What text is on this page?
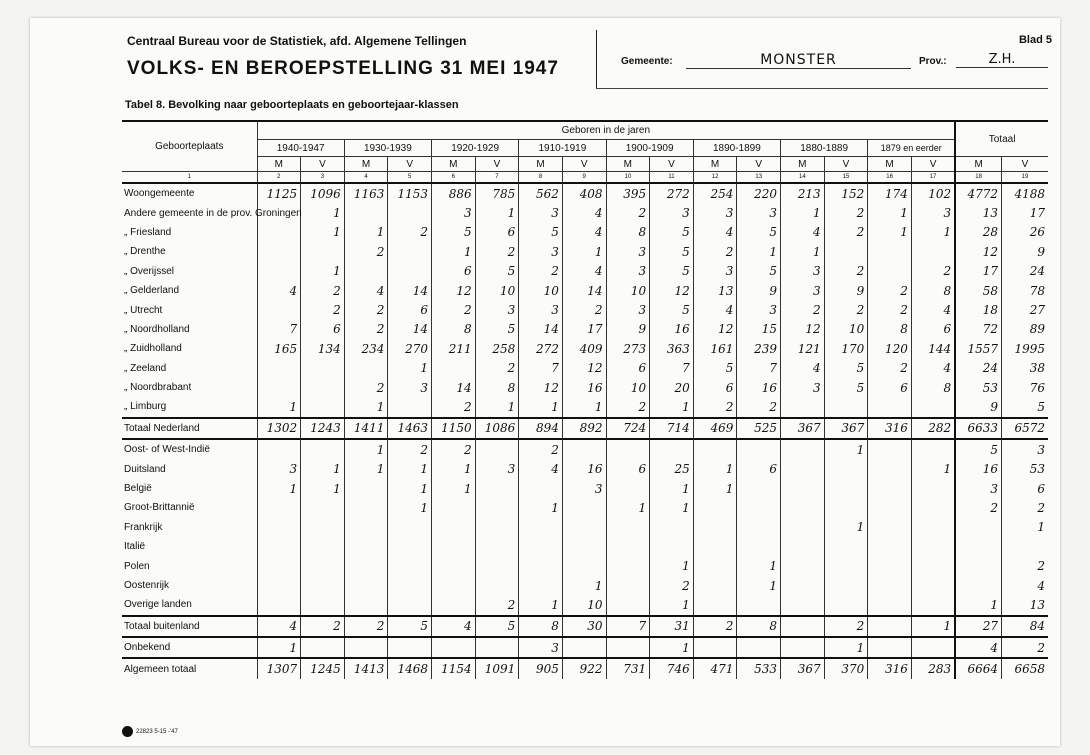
Centraal Bureau voor de Statistiek, afd. Algemene Tellingen
VOLKS- EN BEROEPSTELLING 31 MEI 1947
Blad 5
Gemeente:	MONSTER	Prov.:	Z.H.
Tabel 8. Bevolking naar geboorteplaats en geboortejaar-klassen
Geboorteplaats	Geboren in de jaren																Totaal	
	1940-1947		1930-1939		1920-1929		1910-1919		1900-1909		1890-1899		1880-1889		1879 en eerder			
	M	V	M	V	M	V	M	V	M	V	M	V	M	V	M	V	M	V
1	2	3	4	5	6	7	8	9	10	11	12	13	14	15	16	17	18	19
Woongemeente	1125	1096	1163	1153	886	785	562	408	395	272	254	220	213	152	174	102	4772	4188
Andere gemeente in de prov. Groningen		1			3	1	3	4	2	3	3	3	1	2	1	3	13	17
„ Friesland		1	1	2	5	6	5	4	8	5	4	5	4	2	1	1	28	26
„ Drenthe			2		1	2	3	1	3	5	2	1	1				12	9
„ Overijssel		1			6	5	2	4	3	5	3	5	3	2		2	17	24
„ Gelderland	4	2	4	14	12	10	10	14	10	12	13	9	3	9	2	8	58	78
„ Utrecht		2	2	6	2	3	3	2	3	5	4	3	2	2	2	4	18	27
„ Noordholland	7	6	2	14	8	5	14	17	9	16	12	15	12	10	8	6	72	89
„ Zuidholland	165	134	234	270	211	258	272	409	273	363	161	239	121	170	120	144	1557	1995
„ Zeeland				1		2	7	12	6	7	5	7	4	5	2	4	24	38
„ Noordbrabant			2	3	14	8	12	16	10	20	6	16	3	5	6	8	53	76
„ Limburg	1		1		2	1	1	1	2	1	2	2					9	5
Totaal Nederland	1302	1243	1411	1463	1150	1086	894	892	724	714	469	525	367	367	316	282	6633	6572
Oost- of West-Indië			1	2	2		2							1			5	3
Duitsland	3	1	1	1	1	3	4	16	6	25	1	6				1	16	53
België	1	1		1	1			3		1	1						3	6
Groot-Brittannië				1			1		1	1							2	2
Frankrijk														1				1
Italië																		
Polen										1		1						2
Oostenrijk								1		2		1						4
Overige landen						2	1	10		1							1	13
Totaal buitenland	4	2	2	5	4	5	8	30	7	31	2	8		2		1	27	84
Onbekend	1						3			1				1			4	2
Algemeen totaal	1307	1245	1413	1468	1154	1091	905	922	731	746	471	533	367	370	316	283	6664	6658
22823 5-15 -'47
